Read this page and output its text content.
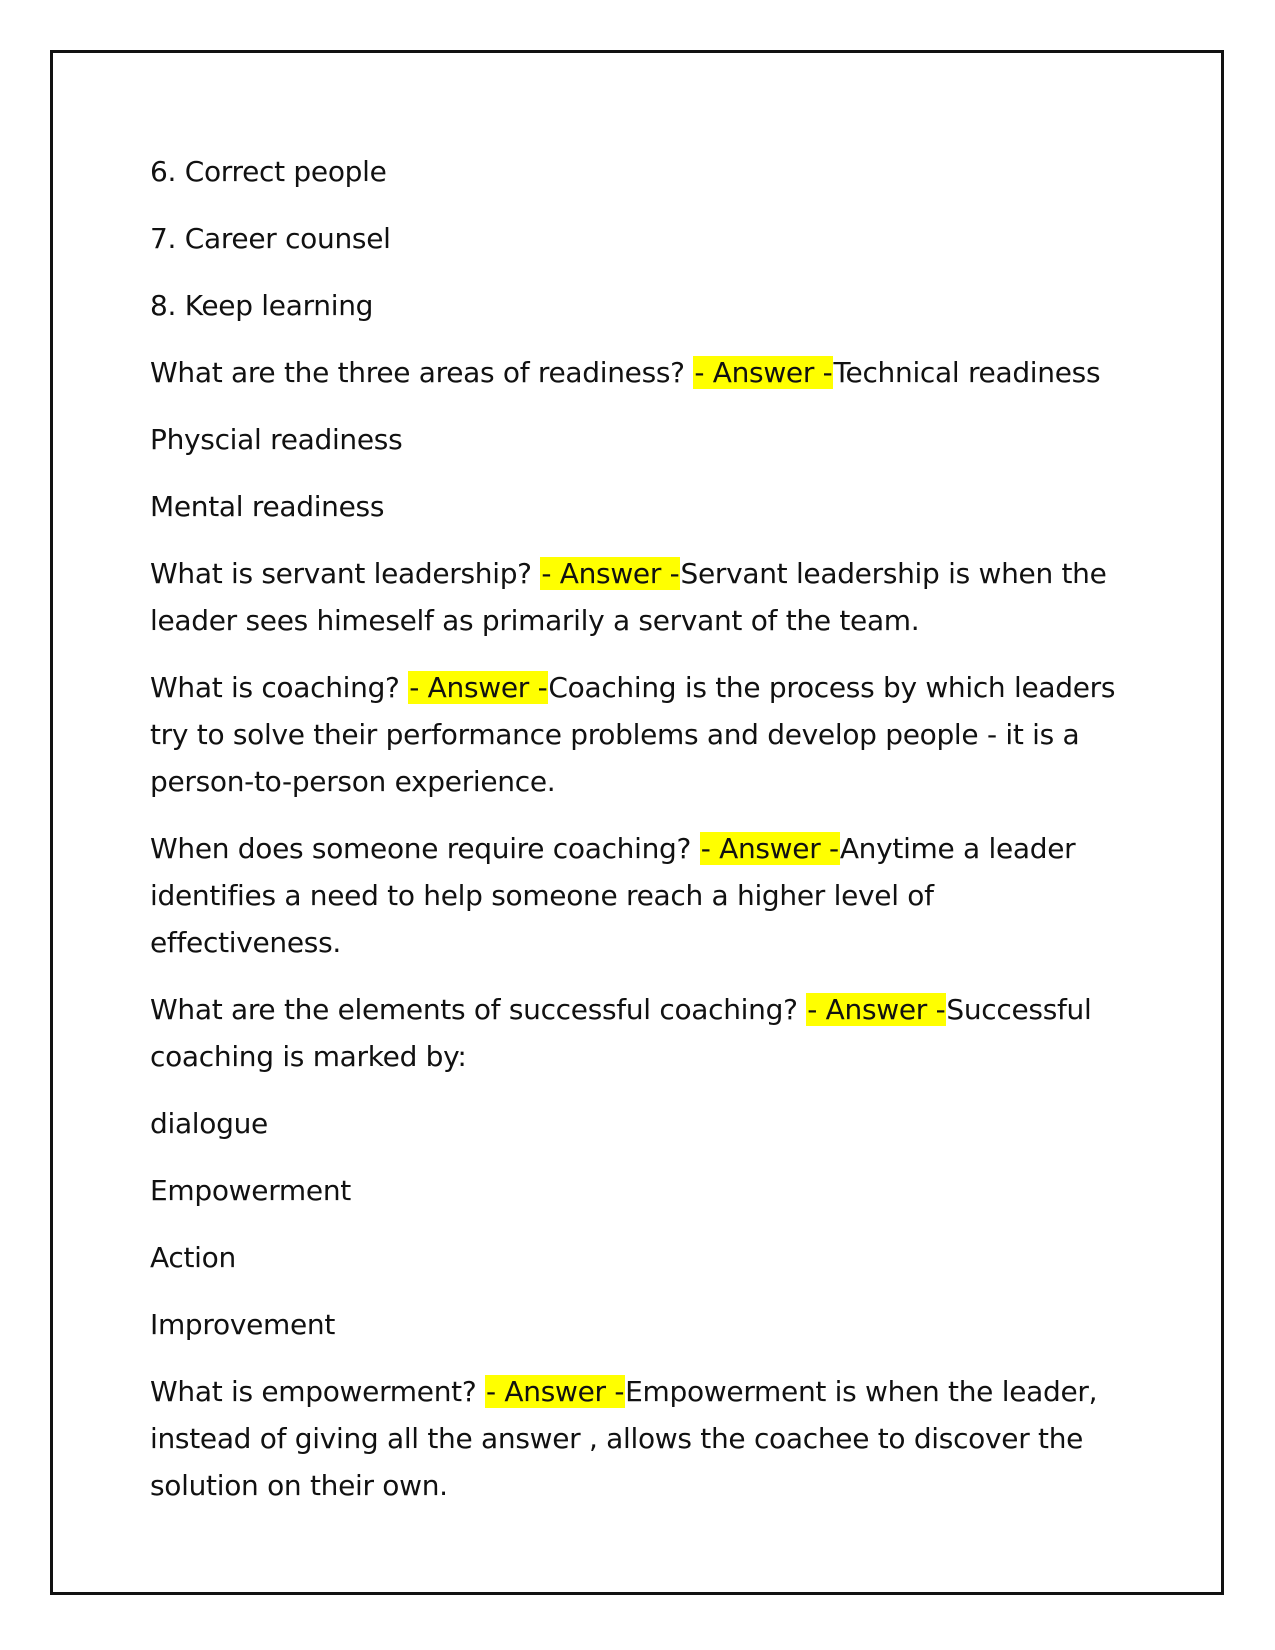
6. Correct people

7. Career counsel

8. Keep learning

What are the three areas of readiness? - Answer -Technical readiness

Physcial readiness

Mental readiness

What is servant leadership? - Answer -Servant leadership is when the leader sees himeself as primarily a servant of the team.

What is coaching? - Answer -Coaching is the process by which leaders try to solve their performance problems and develop people - it is a person-to-person experience.

When does someone require coaching? - Answer -Anytime a leader identifies a need to help someone reach a higher level of effectiveness.

What are the elements of successful coaching? - Answer -Successful coaching is marked by:

dialogue

Empowerment

Action

Improvement

What is empowerment? - Answer -Empowerment is when the leader, instead of giving all the answer , allows the coachee to discover the solution on their own.
